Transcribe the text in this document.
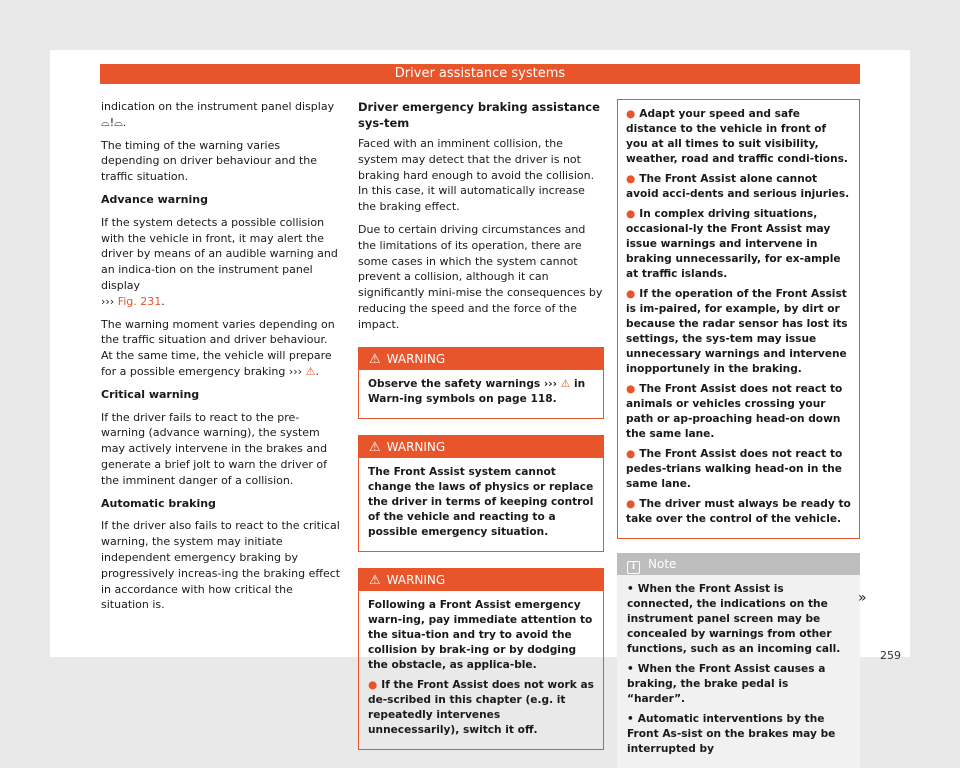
Driver assistance systems

indication on the instrument panel display
⌓!⌓.

The timing of the warning varies depending on driver behaviour and the traffic situation.

Advance warning

If the system detects a possible collision with the vehicle in front, it may alert the driver by means of an audible warning and an indica-tion on the instrument panel display
››› Fig. 231.

The warning moment varies depending on the traffic situation and driver behaviour. At the same time, the vehicle will prepare for a possible emergency braking ››› ⚠.

Critical warning

If the driver fails to react to the pre-warning (advance warning), the system may actively intervene in the brakes and generate a brief jolt to warn the driver of the imminent danger of a collision.

Automatic braking

If the driver also fails to react to the critical warning, the system may initiate independent emergency braking by progressively increas-ing the braking effect in accordance with how critical the situation is.

Driver emergency braking assistance sys-tem

Faced with an imminent collision, the system may detect that the driver is not braking hard enough to avoid the collision. In this case, it will automatically increase the braking effect.

Due to certain driving circumstances and the limitations of its operation, there are some cases in which the system cannot prevent a collision, although it can significantly mini-mise the consequences by reducing the speed and the force of the impact.

⚠ WARNING

Observe the safety warnings ››› ⚠ in Warn-ing symbols on page 118.

⚠ WARNING

The Front Assist system cannot change the laws of physics or replace the driver in terms of keeping control of the vehicle and reacting to a possible emergency situation.

⚠ WARNING

Following a Front Assist emergency warn-ing, pay immediate attention to the situa-tion and try to avoid the collision by brak-ing or by dodging the obstacle, as applica-ble.

● If the Front Assist does not work as de-scribed in this chapter (e.g. it repeatedly intervenes unnecessarily), switch it off.

● Adapt your speed and safe distance to the vehicle in front of you at all times to suit visibility, weather, road and traffic condi-tions.

● The Front Assist alone cannot avoid acci-dents and serious injuries.

● In complex driving situations, occasional-ly the Front Assist may issue warnings and intervene in braking unnecessarily, for ex-ample at traffic islands.

● If the operation of the Front Assist is im-paired, for example, by dirt or because the radar sensor has lost its settings, the sys-tem may issue unnecessary warnings and intervene inopportunely in the braking.

● The Front Assist does not react to animals or vehicles crossing your path or ap-proaching head-on down the same lane.

● The Front Assist does not react to pedes-trians walking head-on in the same lane.

● The driver must always be ready to take over the control of the vehicle.

i Note

• When the Front Assist is connected, the indications on the instrument panel screen may be concealed by warnings from other functions, such as an incoming call.

• When the Front Assist causes a braking, the brake pedal is “harder”.

• Automatic interventions by the Front As-sist on the brakes may be interrupted by

»
259
